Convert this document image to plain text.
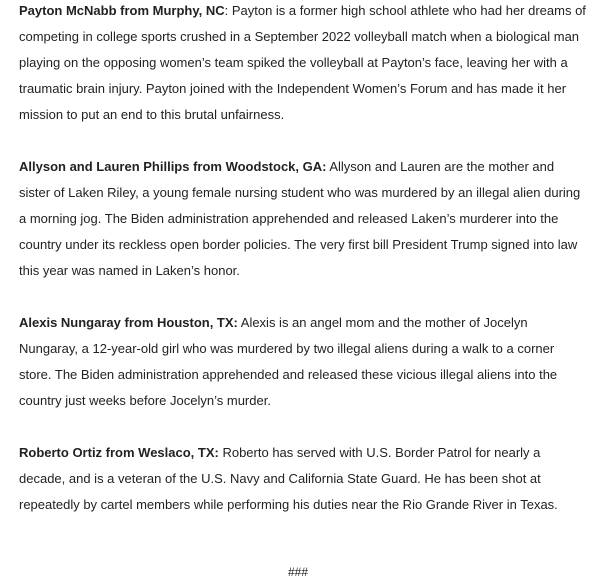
Payton McNabb from Murphy, NC: Payton is a former high school athlete who had her dreams of competing in college sports crushed in a September 2022 volleyball match when a biological man playing on the opposing women’s team spiked the volleyball at Payton’s face, leaving her with a traumatic brain injury. Payton joined with the Independent Women’s Forum and has made it her mission to put an end to this brutal unfairness.

Allyson and Lauren Phillips from Woodstock, GA: Allyson and Lauren are the mother and sister of Laken Riley, a young female nursing student who was murdered by an illegal alien during a morning jog. The Biden administration apprehended and released Laken’s murderer into the country under its reckless open border policies. The very first bill President Trump signed into law this year was named in Laken’s honor.

Alexis Nungaray from Houston, TX: Alexis is an angel mom and the mother of Jocelyn Nungaray, a 12-year-old girl who was murdered by two illegal aliens during a walk to a corner store. The Biden administration apprehended and released these vicious illegal aliens into the country just weeks before Jocelyn’s murder.

Roberto Ortiz from Weslaco, TX: Roberto has served with U.S. Border Patrol for nearly a decade, and is a veteran of the U.S. Navy and California State Guard. He has been shot at repeatedly by cartel members while performing his duties near the Rio Grande River in Texas.

###
